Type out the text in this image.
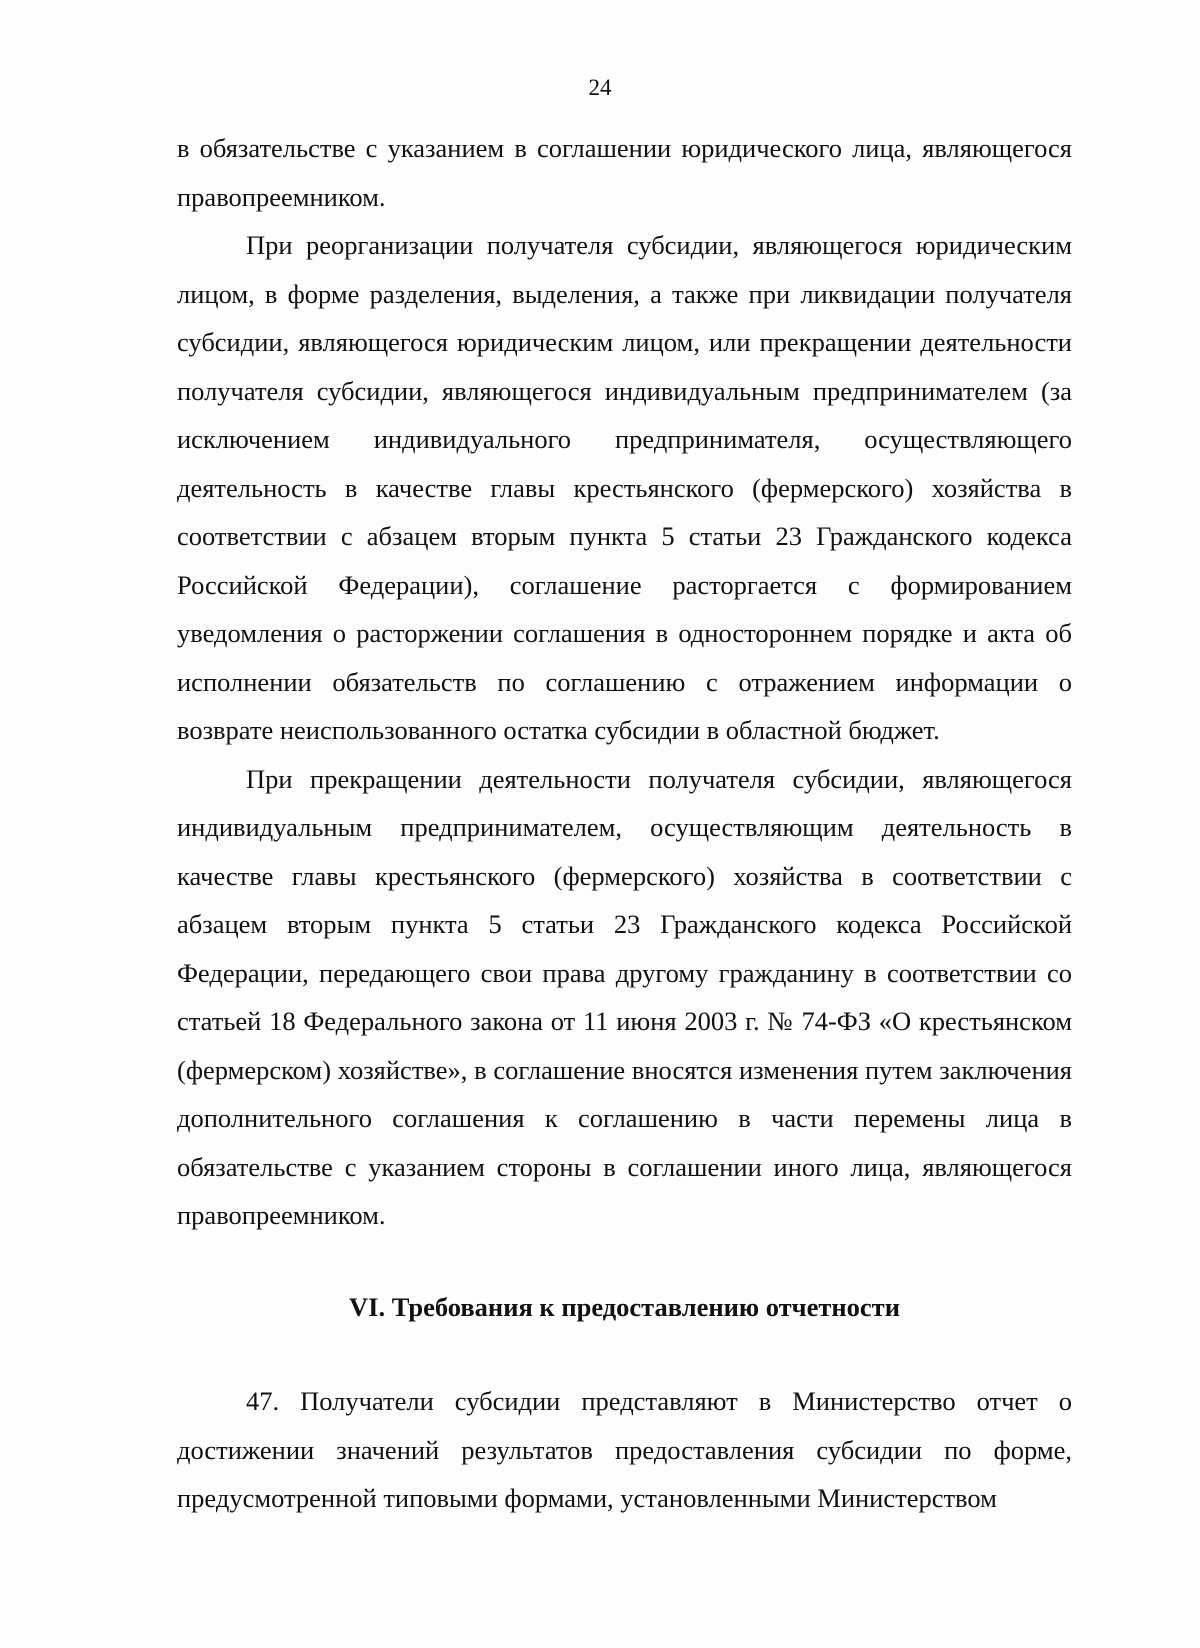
24

в обязательстве с указанием в соглашении юридического лица, являющегося правопреемником.

При реорганизации получателя субсидии, являющегося юридическим лицом, в форме разделения, выделения, а также при ликвидации получателя субсидии, являющегося юридическим лицом, или прекращении деятельности получателя субсидии, являющегося индивидуальным предпринимателем (за исключением индивидуального предпринимателя, осуществляющего деятельность в качестве главы крестьянского (фермерского) хозяйства в соответствии с абзацем вторым пункта 5 статьи 23 Гражданского кодекса Российской Федерации), соглашение расторгается с формированием уведомления о расторжении соглашения в одностороннем порядке и акта об исполнении обязательств по соглашению с отражением информации о возврате неиспользованного остатка субсидии в областной бюджет.

При прекращении деятельности получателя субсидии, являющегося индивидуальным предпринимателем, осуществляющим деятельность в качестве главы крестьянского (фермерского) хозяйства в соответствии с абзацем вторым пункта 5 статьи 23 Гражданского кодекса Российской Федерации, передающего свои права другому гражданину в соответствии со статьей 18 Федерального закона от 11 июня 2003 г. № 74-ФЗ «О крестьянском (фермерском) хозяйстве», в соглашение вносятся изменения путем заключения дополнительного соглашения к соглашению в части перемены лица в обязательстве с указанием стороны в соглашении иного лица, являющегося правопреемником.

VI. Требования к предоставлению отчетности

47. Получатели субсидии представляют в Министерство отчет о достижении значений результатов предоставления субсидии по форме, предусмотренной типовыми формами, установленными Министерством
